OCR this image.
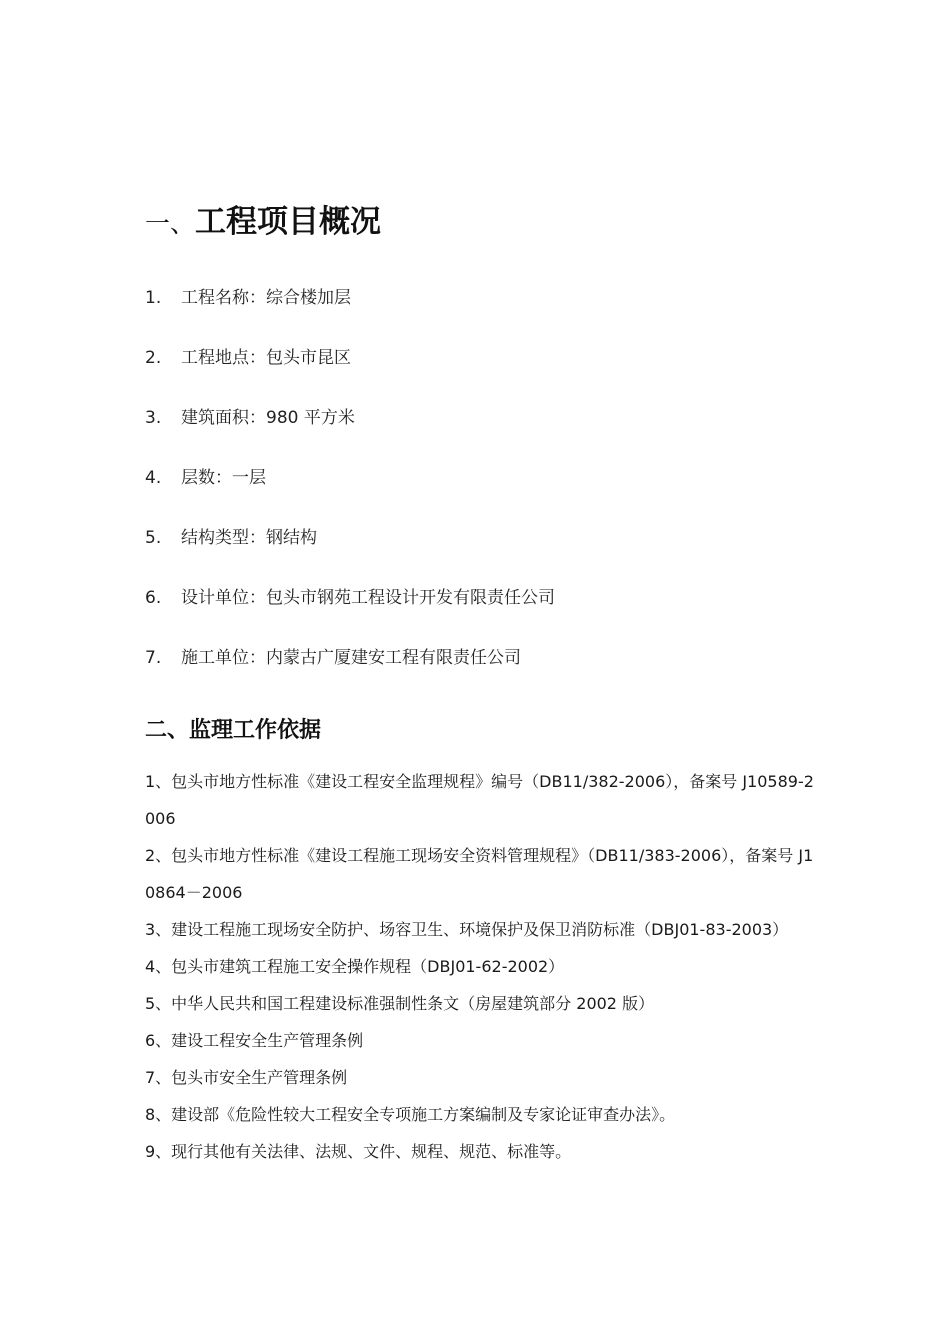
一、工程项目概况
1. 工程名称：综合楼加层
2. 工程地点：包头市昆区
3. 建筑面积：980 平方米
4. 层数：一层
5. 结构类型：钢结构
6. 设计单位：包头市钢苑工程设计开发有限责任公司
7. 施工单位：内蒙古广厦建安工程有限责任公司
二、监理工作依据
1、包头市地方性标准《建设工程安全监理规程》编号（DB11/382-2006），备案号 J10589-2006
2、包头市地方性标准《建设工程施工现场安全资料管理规程》（DB11/383-2006），备案号 J10864－2006
3、建设工程施工现场安全防护、场容卫生、环境保护及保卫消防标准（DBJ01-83-2003）
4、包头市建筑工程施工安全操作规程（DBJ01-62-2002）
5、中华人民共和国工程建设标准强制性条文（房屋建筑部分 2002 版）
6、建设工程安全生产管理条例
7、包头市安全生产管理条例
8、建设部《危险性较大工程安全专项施工方案编制及专家论证审查办法》。
9、现行其他有关法律、法规、文件、规程、规范、标准等。
